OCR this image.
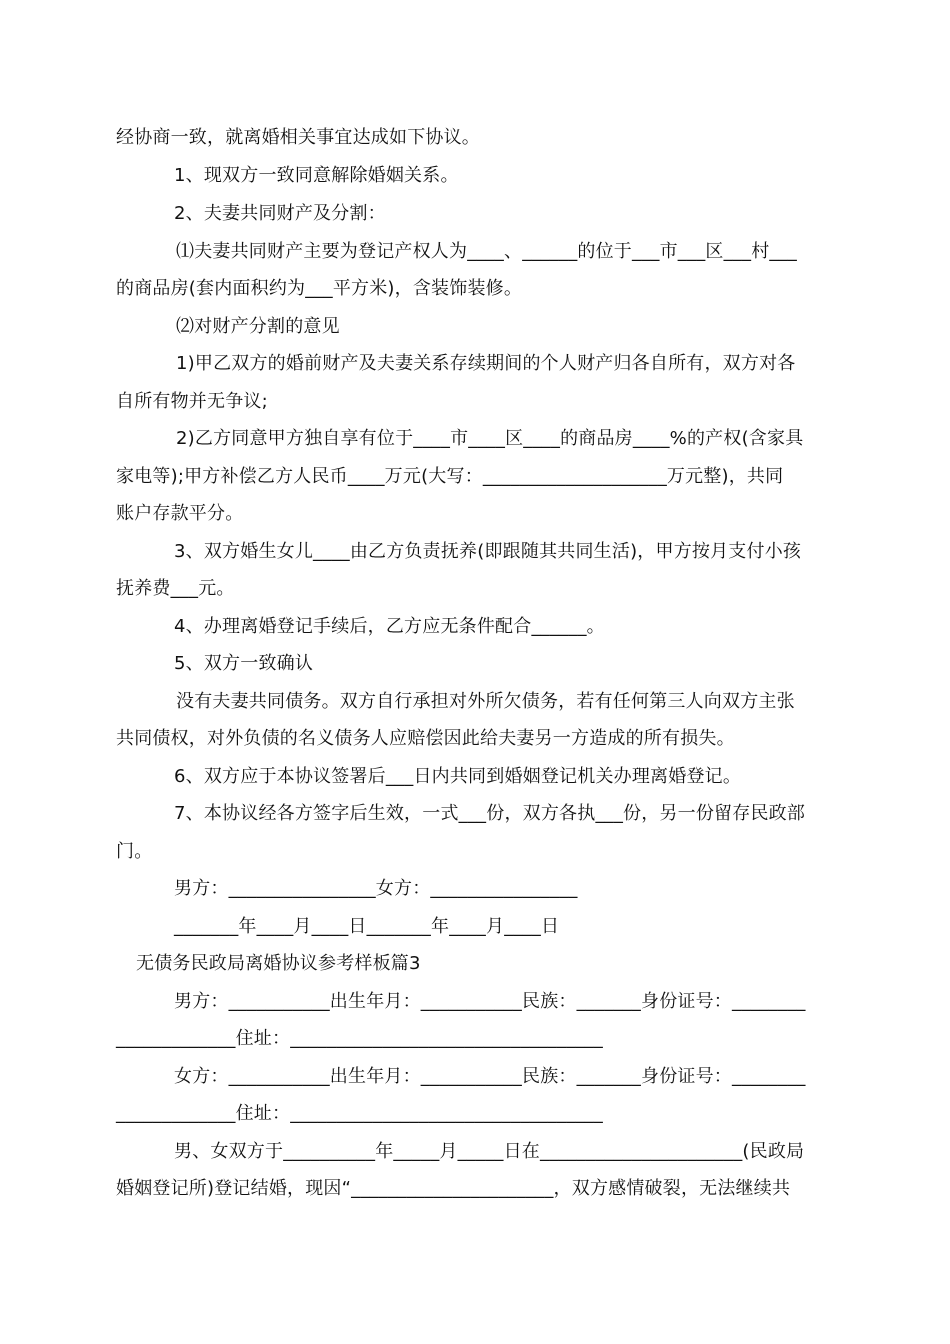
经协商一致，就离婚相关事宜达成如下协议。
1、现双方一致同意解除婚姻关系。
2、夫妻共同财产及分割：
⑴夫妻共同财产主要为登记产权人为____、______的位于___市___区___村___
的商品房(套内面积约为___平方米)，含装饰装修。
⑵对财产分割的意见
1)甲乙双方的婚前财产及夫妻关系存续期间的个人财产归各自所有，双方对各
自所有物并无争议;
2)乙方同意甲方独自享有位于____市____区____的商品房____%的产权(含家具
家电等);甲方补偿乙方人民币____万元(大写：____________________万元整)，共同
账户存款平分。
3、双方婚生女儿____由乙方负责抚养(即跟随其共同生活)，甲方按月支付小孩
抚养费___元。
4、办理离婚登记手续后，乙方应无条件配合______。
5、双方一致确认
没有夫妻共同债务。双方自行承担对外所欠债务，若有任何第三人向双方主张
共同债权，对外负债的名义债务人应赔偿因此给夫妻另一方造成的所有损失。
6、双方应于本协议签署后___日内共同到婚姻登记机关办理离婚登记。
7、本协议经各方签字后生效，一式___份，双方各执___份，另一份留存民政部
门。
男方：________________女方：________________
_______年____月____日_______年____月____日
无债务民政局离婚协议参考样板篇3
男方：___________出生年月：___________民族：_______身份证号：________
_____________住址：__________________________________
女方：___________出生年月：___________民族：_______身份证号：________
_____________住址：__________________________________
男、女双方于__________年_____月_____日在______________________(民政局
婚姻登记所)登记结婚，现因“______________________，双方感情破裂，无法继续共
